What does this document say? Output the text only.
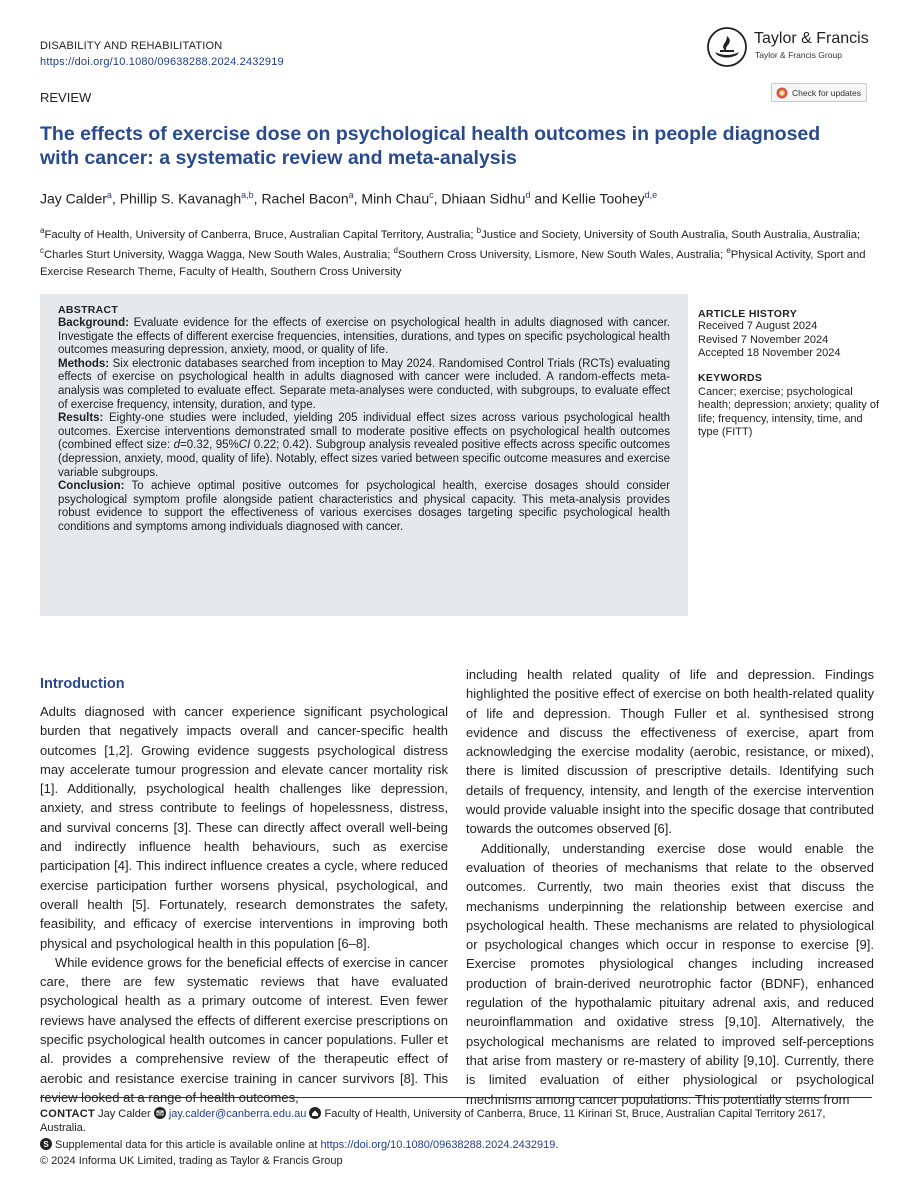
DISABILITY AND REHABILITATION
https://doi.org/10.1080/09638288.2024.2432919
Taylor & Francis
Taylor & Francis Group
REVIEW	Check for updates
The effects of exercise dose on psychological health outcomes in people diagnosed with cancer: a systematic review and meta-analysis
Jay Calder$^a$, Phillip S. Kavanagh$^{a,b}$, Rachel Bacon$^a$, Minh Chau$^c$, Dhiaan Sidhu$^d$ and Kellie Toohey$^{d,e}$
$^a$Faculty of Health, University of Canberra, Bruce, Australian Capital Territory, Australia; $^b$Justice and Society, University of South Australia, South Australia, Australia; $^c$Charles Sturt University, Wagga Wagga, New South Wales, Australia; $^d$Southern Cross University, Lismore, New South Wales, Australia; $^e$Physical Activity, Sport and Exercise Research Theme, Faculty of Health, Southern Cross University
ABSTRACT

Background: Evaluate evidence for the effects of exercise on psychological health in adults diagnosed with cancer. Investigate the effects of different exercise frequencies, intensities, durations, and types on specific psychological health outcomes measuring depression, anxiety, mood, or quality of life.

Methods: Six electronic databases searched from inception to May 2024. Randomised Control Trials (RCTs) evaluating effects of exercise on psychological health in adults diagnosed with cancer were included. A random-effects meta-analysis was completed to evaluate effect. Separate meta-analyses were conducted, with subgroups, to evaluate effect of exercise frequency, intensity, duration, and type.

Results: Eighty-one studies were included, yielding 205 individual effect sizes across various psychological health outcomes. Exercise interventions demonstrated small to moderate positive effects on psychological health outcomes (combined effect size: d=0.32, 95%CI 0.22; 0.42). Subgroup analysis revealed positive effects across specific outcomes (depression, anxiety, mood, quality of life). Notably, effect sizes varied between specific outcome measures and exercise variable subgroups.

Conclusion: To achieve optimal positive outcomes for psychological health, exercise dosages should consider psychological symptom profile alongside patient characteristics and physical capacity. This meta-analysis provides robust evidence to support the effectiveness of various exercises dosages targeting specific psychological health conditions and symptoms among individuals diagnosed with cancer.

ARTICLE HISTORY
Received 7 August 2024
Revised 7 November 2024
Accepted 18 November 2024
KEYWORDS
Cancer; exercise; psychological health; depression; anxiety; quality of life; frequency, intensity, time, and type (FITT)
Introduction

Adults diagnosed with cancer experience significant psychological burden that negatively impacts overall and cancer-specific health outcomes [1,2]. Growing evidence suggests psychological distress may accelerate tumour progression and elevate cancer mortality risk [1]. Additionally, psychological health challenges like depression, anxiety, and stress contribute to feelings of hopelessness, distress, and survival concerns [3]. These can directly affect overall well-being and indirectly influence health behaviours, such as exercise participation [4]. This indirect influence creates a cycle, where reduced exercise participation further worsens physical, psychological, and overall health [5]. Fortunately, research demonstrates the safety, feasibility, and efficacy of exercise interventions in improving both physical and psychological health in this population [6–8].

While evidence grows for the beneficial effects of exercise in cancer care, there are few systematic reviews that have evaluated psychological health as a primary outcome of interest. Even fewer reviews have analysed the effects of different exercise prescriptions on specific psychological health outcomes in cancer populations. Fuller et al. provides a comprehensive review of the therapeutic effect of aerobic and resistance exercise training in cancer survivors [8]. This review looked at a range of health outcomes,

including health related quality of life and depression. Findings highlighted the positive effect of exercise on both health-related quality of life and depression. Though Fuller et al. synthesised strong evidence and discuss the effectiveness of exercise, apart from acknowledging the exercise modality (aerobic, resistance, or mixed), there is limited discussion of prescriptive details. Identifying such details of frequency, intensity, and length of the exercise intervention would provide valuable insight into the specific dosage that contributed towards the outcomes observed [6].

Additionally, understanding exercise dose would enable the evaluation of theories of mechanisms that relate to the observed outcomes. Currently, two main theories exist that discuss the mechanisms underpinning the relationship between exercise and psychological health. These mechanisms are related to physiological or psychological changes which occur in response to exercise [9]. Exercise promotes physiological changes including increased production of brain-derived neurotrophic factor (BDNF), enhanced regulation of the hypothalamic pituitary adrenal axis, and reduced neuroinflammation and oxidative stress [9,10]. Alternatively, the psychological mechanisms are related to improved self-perceptions that arise from mastery or re-mastery of ability [9,10]. Currently, there is limited evaluation of either physiological or psychological mechnisms among cancer populations. This potentially stems from

CONTACT Jay Calder  jay.calder@canberra.edu.au  Faculty of Health, University of Canberra, Bruce, 11 Kirinari St, Bruce, Australian Capital Territory 2617, Australia.
S Supplemental data for this article is available online at https://doi.org/10.1080/09638288.2024.2432919.
© 2024 Informa UK Limited, trading as Taylor & Francis Group
